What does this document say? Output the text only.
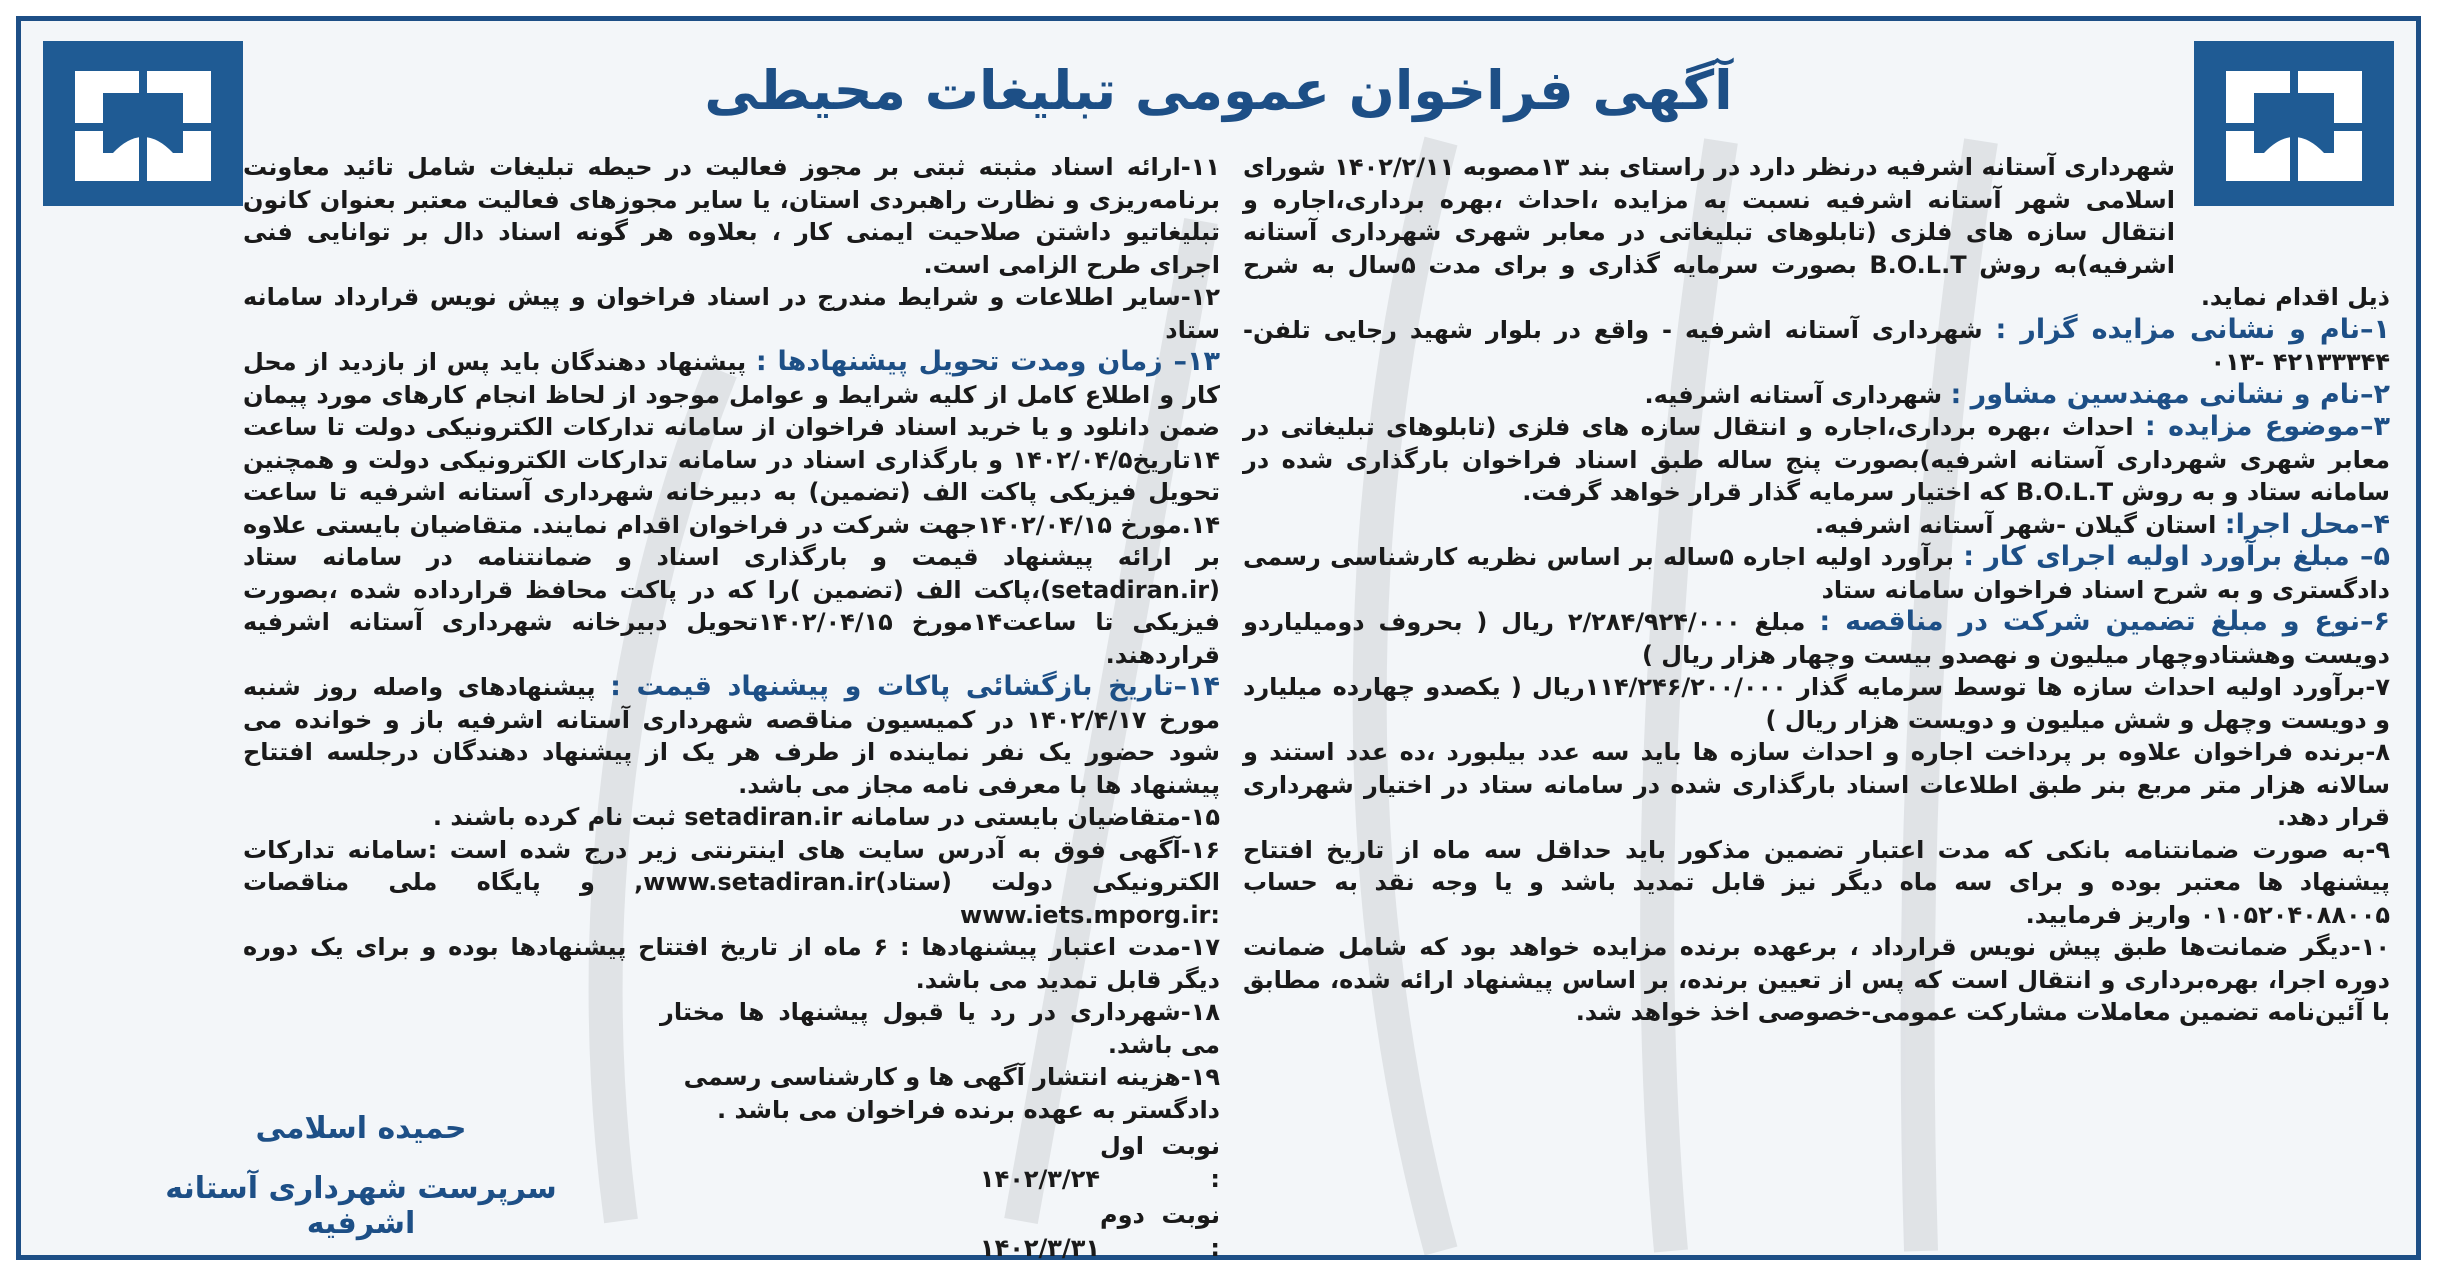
آگهی فراخوان عمومی تبلیغات محیطی

شهرداری آستانه اشرفیه درنظر دارد در راستای بند ۱۳مصوبه ۱۴۰۲/۲/۱۱ شورای اسلامی شهر آستانه اشرفیه نسبت به مزایده ،احداث ،بهره برداری،اجاره و انتقال سازه های فلزی (تابلوهای تبلیغاتی در معابر شهری شهرداری آستانه اشرفیه)به روش B.O.L.T بصورت سرمایه گذاری و برای مدت ۵سال به شرح ذیل اقدام نماید.

۱–نام و نشانی مزایده گزار : شهرداری آستانه اشرفیه - واقع در بلوار شهید رجایی تلفن- ۴۲۱۳۳۳۴۴ -۰۱۳

۲–نام و نشانی مهندسین مشاور : شهرداری آستانه اشرفیه.

۳–موضوع مزایده : احداث ،بهره برداری،اجاره و انتقال سازه های فلزی (تابلوهای تبلیغاتی در معابر شهری شهرداری آستانه اشرفیه)بصورت پنج ساله طبق اسناد فراخوان بارگذاری شده در سامانه ستاد و به روش B.O.L.T که اختیار سرمایه گذار قرار خواهد گرفت.

۴–محل اجرا: استان گیلان -شهر آستانه اشرفیه.

۵– مبلغ برآورد اولیه اجرای کار : برآورد اولیه اجاره ۵ساله بر اساس نظریه کارشناسی رسمی دادگستری و به شرح اسناد فراخوان سامانه ستاد

۶–نوع و مبلغ تضمین شرکت در مناقصه : مبلغ ۲/۲۸۴/۹۲۴/۰۰۰ ریال ( بحروف دومیلیاردو دویست وهشتادوچهار میلیون و نهصدو بیست وچهار هزار ریال )

۷-برآورد اولیه احداث سازه ها توسط سرمایه گذار ۱۱۴/۲۴۶/۲۰۰/۰۰۰ریال ( یکصدو چهارده میلیارد و دویست وچهل و شش میلیون و دویست هزار ریال )

۸-برنده فراخوان علاوه بر پرداخت اجاره و احداث سازه ها باید سه عدد بیلبورد ،ده عدد استند و سالانه هزار متر مربع بنر طبق اطلاعات اسناد بارگذاری شده در سامانه ستاد در اختیار شهرداری قرار دهد.

۹-به صورت ضمانتنامه بانکی که مدت اعتبار تضمین مذکور باید حداقل سه ماه از تاریخ افتتاح پیشنهاد ها معتبر بوده و برای سه ماه دیگر نیز قابل تمدید باشد و یا وجه نقد به حساب ۰۱۰۵۲۰۴۰۸۸۰۰۵ واریز فرمایید.

۱۰-دیگر ضمانت‌ها طبق پیش نویس قرارداد ، برعهده برنده مزایده خواهد بود که شامل ضمانت دوره اجرا، بهره‌برداری و انتقال است که پس از تعیین برنده، بر اساس پیشنهاد ارائه شده، مطابق با آئین‌نامه تضمین معاملات مشارکت عمومی-خصوصی اخذ خواهد شد.

۱۱-ارائه اسناد مثبته ثبتی بر مجوز فعالیت در حیطه تبلیغات شامل تائید معاونت برنامه‌ریزی و نظارت راهبردی استان، یا سایر مجوزهای فعالیت معتبر بعنوان کانون تبلیغاتیو داشتن صلاحیت ایمنی کار ، بعلاوه هر گونه اسناد دال بر توانایی فنی اجرای طرح الزامی است.

۱۲-سایر اطلاعات و شرایط مندرج در اسناد فراخوان و پیش نویس قرارداد سامانه ستاد

۱۳– زمان ومدت تحویل پیشنهادها : پیشنهاد دهندگان باید پس از بازدید از محل کار و اطلاع کامل از کلیه شرایط و عوامل موجود از لحاظ انجام کارهای مورد پیمان ضمن دانلود و یا خرید اسناد فراخوان از سامانه تدارکات الکترونیکی دولت تا ساعت ۱۴تاریخ۱۴۰۲/۰۴/۵ و بارگذاری اسناد در سامانه تدارکات الکترونیکی دولت و همچنین تحویل فیزیکی پاکت الف (تضمین) به دبیرخانه شهرداری آستانه اشرفیه تا ساعت ۱۴.مورخ ۱۴۰۲/۰۴/۱۵جهت شرکت در فراخوان اقدام نمایند. متقاضیان بایستی علاوه بر ارائه پیشنهاد قیمت و بارگذاری اسناد و ضمانتنامه در سامانه ستاد (setadiran.ir)،پاکت الف (تضمین )را که در پاکت محافظ قرارداده شده ،بصورت فیزیکی تا ساعت۱۴مورخ ۱۴۰۲/۰۴/۱۵تحویل دبیرخانه شهرداری آستانه اشرفیه قراردهند.

۱۴–تاریخ بازگشائی پاکات و پیشنهاد قیمت : پیشنهادهای واصله روز شنبه مورخ ۱۴۰۲/۴/۱۷ در کمیسیون مناقصه شهرداری آستانه اشرفیه باز و خوانده می شود حضور یک نفر نماینده از طرف هر یک از پیشنهاد دهندگان درجلسه افتتاح پیشنهاد ها با معرفی نامه مجاز می باشد.

۱۵-متقاضیان بایستی در سامانه setadiran.ir ثبت نام کرده باشند .

۱۶-آگهی فوق به آدرس سایت های اینترنتی زیر درج شده است :سامانه تدارکات الکترونیکی دولت (ستاد)www.setadiran.ir, و پایگاه ملی مناقصات :www.iets.mporg.ir

۱۷-مدت اعتبار پیشنهادها : ۶ ماه از تاریخ افتتاح پیشنهادها بوده و برای یک دوره دیگر قابل تمدید می باشد.

۱۸-شهرداری در رد یا قبول پیشنهاد ها مختار می باشد.

۱۹-هزینه انتشار آگهی ها و کارشناسی رسمی دادگستر به عهده برنده فراخوان می باشد .

نوبت اول :۱۴۰۲/۳/۲۴
نوبت دوم :۱۴۰۲/۳/۳۱
حمیده اسلامی
سرپرست شهرداری آستانه اشرفیه
